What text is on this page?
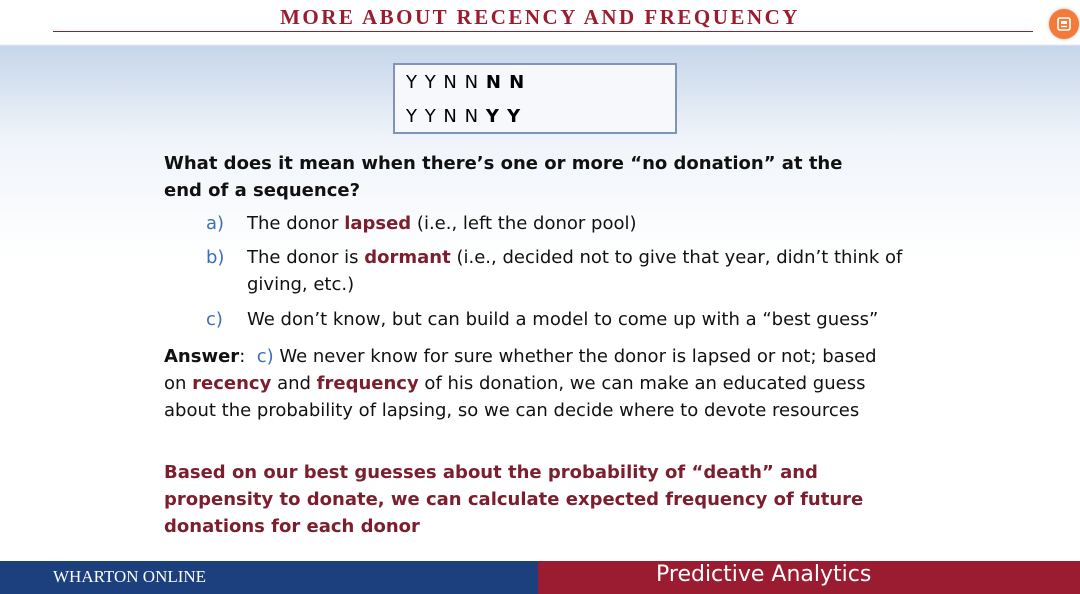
MORE ABOUT RECENCY AND FREQUENCY
Y Y N N N N
Y Y N N Y Y
What does it mean when there’s one or more “no donation” at the end of a sequence?
a) The donor lapsed (i.e., left the donor pool)
b) The donor is dormant (i.e., decided not to give that year, didn’t think of giving, etc.)
c) We don’t know, but can build a model to come up with a “best guess”
Answer: c) We never know for sure whether the donor is lapsed or not; based on recency and frequency of his donation, we can make an educated guess about the probability of lapsing, so we can decide where to devote resources
Based on our best guesses about the probability of “death” and propensity to donate, we can calculate expected frequency of future donations for each donor
WHARTON ONLINE	Predictive Analytics
